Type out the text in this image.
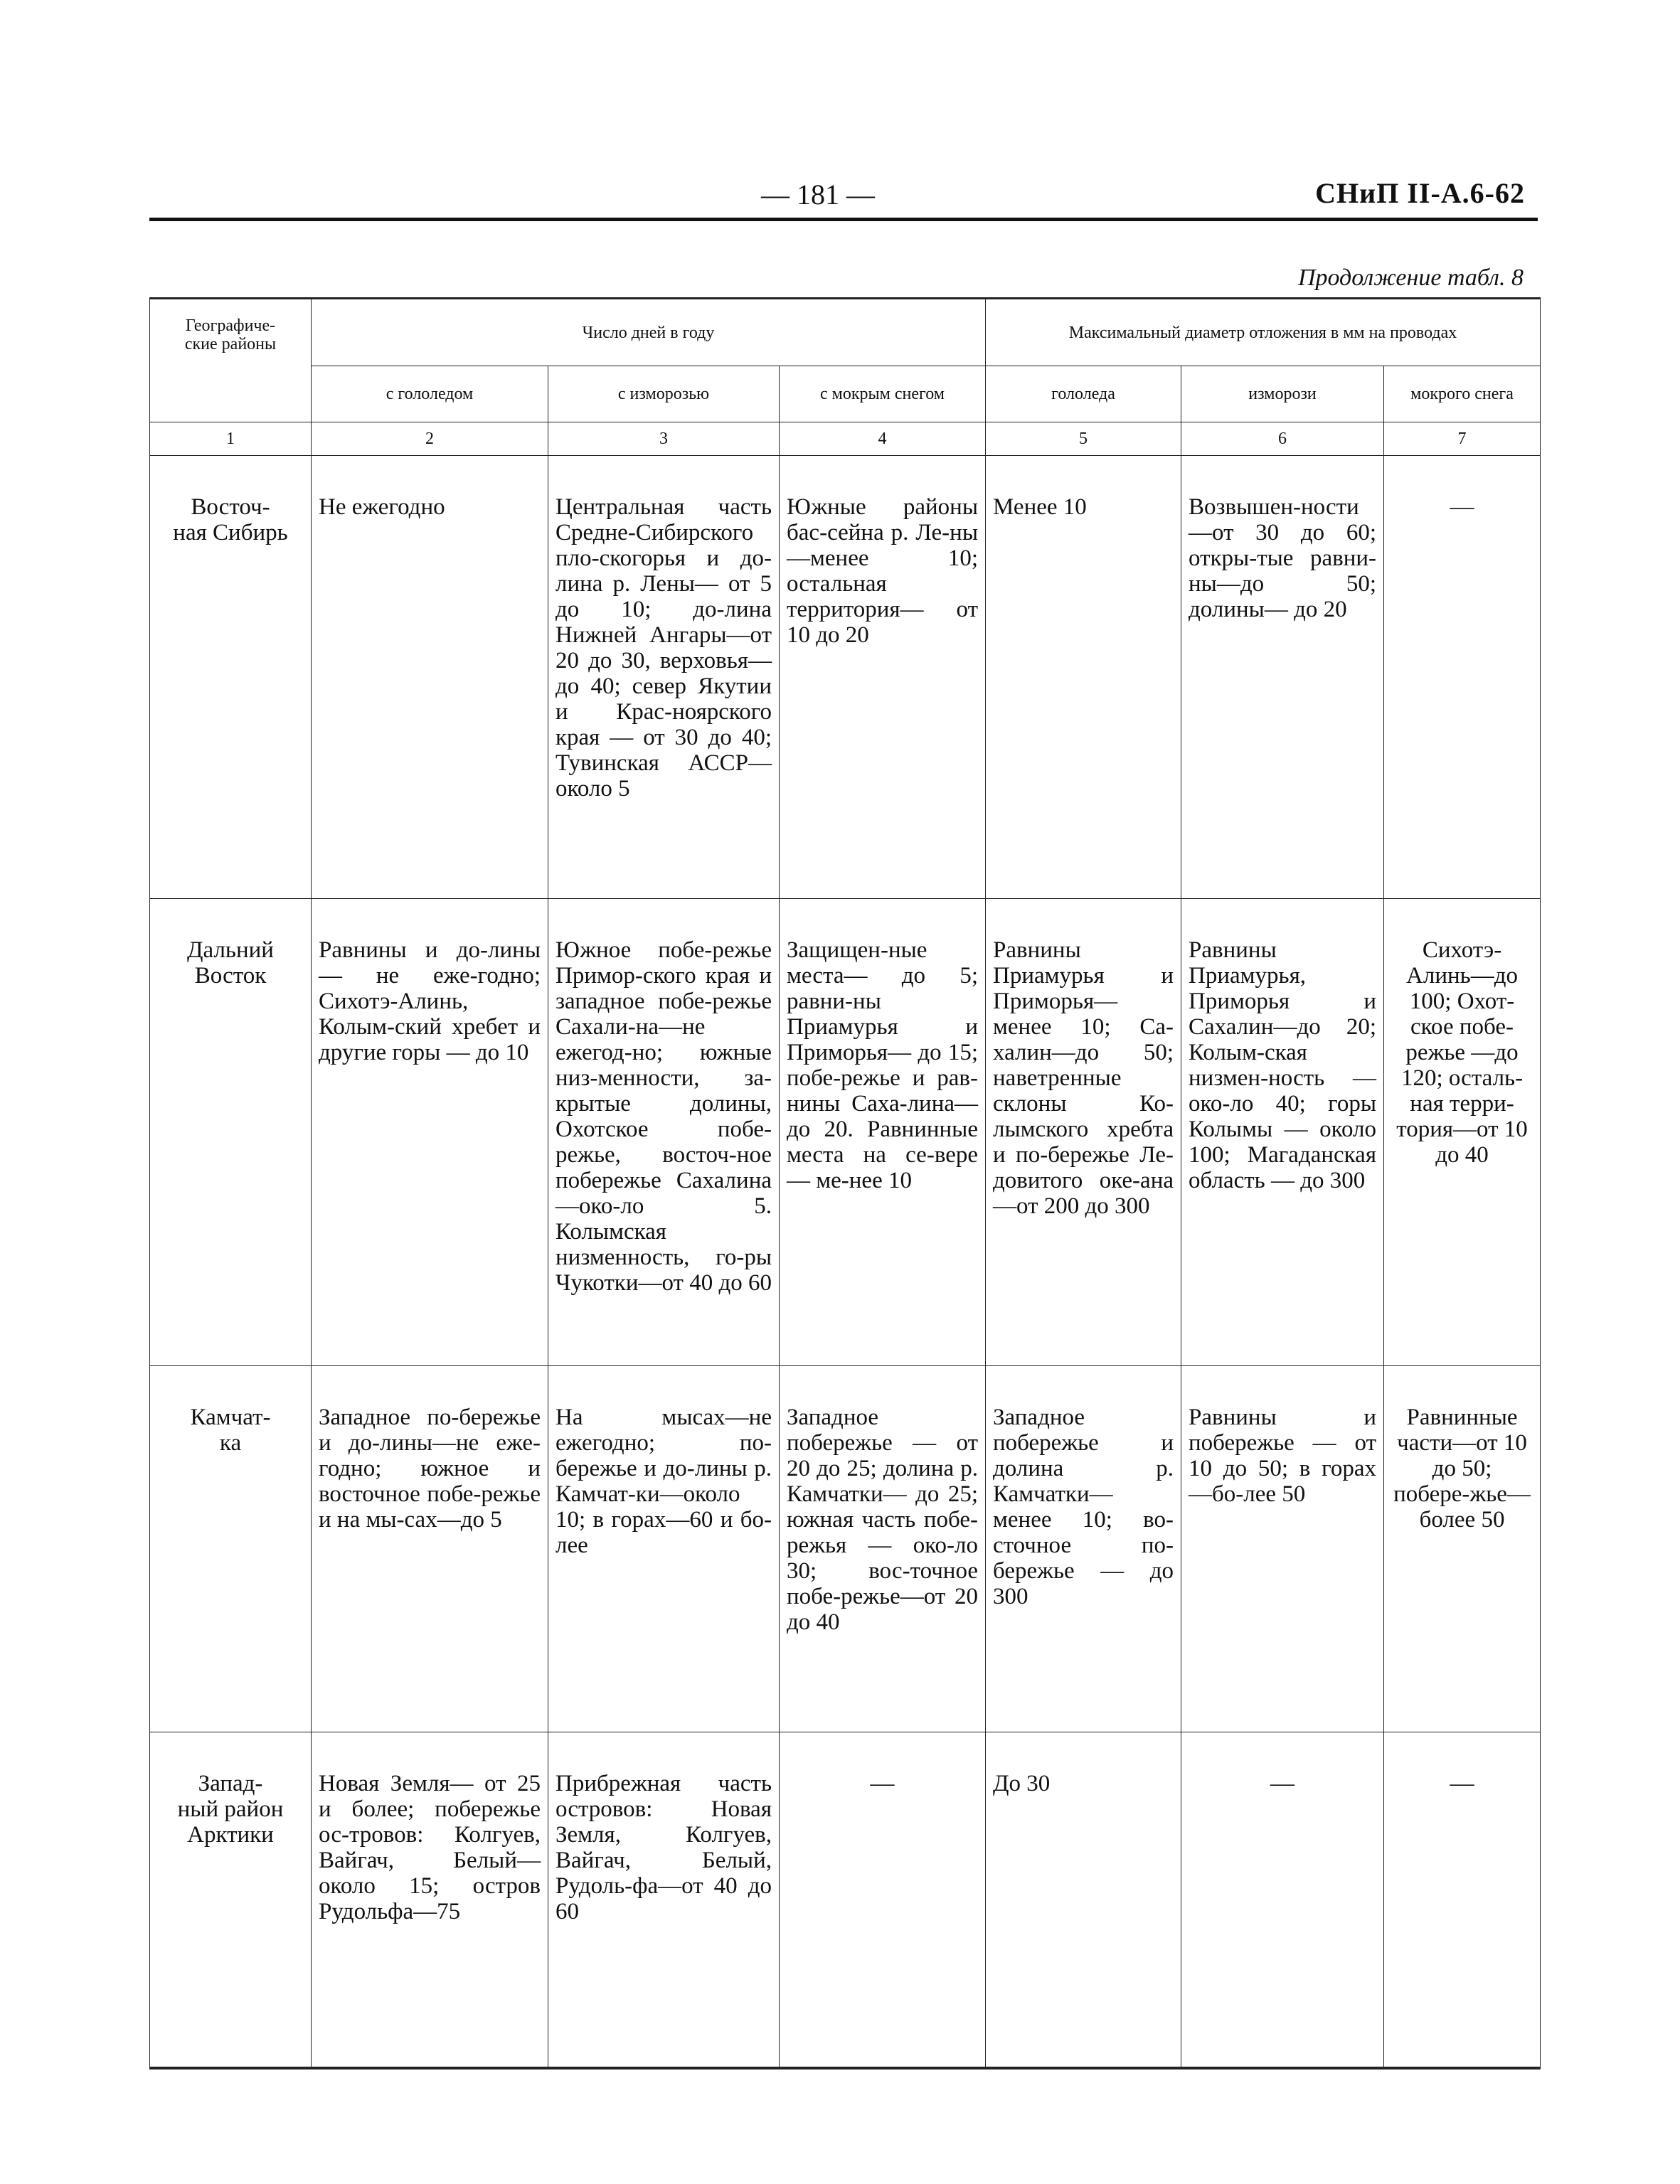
— 181 —	СНиП II-А.6-62
Продолжение табл. 8
Географиче-
ские районы	Число дней в году			Максимальный диаметр отложения в мм на проводах		
	с гололедом	с изморозью	с мокрым снегом	гололеда	изморози	мокрого снега
1	2	3	4	5	6	7

Восточ-
ная Сибирь	Не ежегодно	Центральная часть Средне-Сибирского пло-скогорья и до-лина р. Лены— от 5 до 10; до-лина Нижней Ангары—от 20 до 30, верховья— до 40; север Якутии и Крас-ноярского края — от 30 до 40; Тувинская АССР—около 5	Южные районы бас-сейна р. Ле-ны—менее 10; остальная территория— от 10 до 20	Менее 10	Возвышен-ности—от 30 до 60; откры-тые равни-ны—до 50; долины— до 20	—

Дальний
Восток	Равнины и до-лины — не еже-годно; Сихотэ-Алинь, Колым-ский хребет и другие горы — до 10	Южное побе-режье Примор-ского края и западное побе-режье Сахали-на—не ежегод-но; южные низ-менности, за-крытые долины, Охотское побе-режье, восточ-ное побережье Сахалина—око-ло 5. Колымская низменность, го-ры Чукотки—от 40 до 60	Защищен-ные места— до 5; равни-ны Приамурья и Приморья— до 15; побе-режье и рав-нины Саха-лина—до 20. Равнинные места на се-вере — ме-нее 10	Равнины Приамурья и Приморья— менее 10; Са-халин—до 50; наветренные склоны Ко-лымского хребта и по-бережье Ле-довитого оке-ана—от 200 до 300	Равнины Приамурья, Приморья и Сахалин—до 20; Колым-ская низмен-ность — око-ло 40; горы Колымы — около 100; Магаданская область — до 300	Сихотэ-Алинь—до 100; Охот-ское побе-режье —до 120; осталь-ная терри-тория—от 10 до 40

Камчат-
ка	Западное по-бережье и до-лины—не еже-годно; южное и восточное побе-режье и на мы-сах—до 5	На мысах—не ежегодно; по-бережье и до-лины р. Камчат-ки—около 10; в горах—60 и бо-лее	Западное побережье — от 20 до 25; долина р. Камчатки— до 25; южная часть побе-режья — око-ло 30; вос-точное побе-режье—от 20 до 40	Западное побережье и долина р. Камчатки— менее 10; во-сточное по-бережье — до 300	Равнины и побережье — от 10 до 50; в горах—бо-лее 50	Равнинные части—от 10 до 50; побере-жье—более 50

Запад-
ный район
Арктики	Новая Земля— от 25 и более; побережье ос-тровов: Колгуев, Вайгач, Белый— около 15; остров Рудольфа—75	Прибрежная часть островов: Новая Земля, Колгуев, Вайгач, Белый, Рудоль-фа—от 40 до 60	—	До 30	—	—
